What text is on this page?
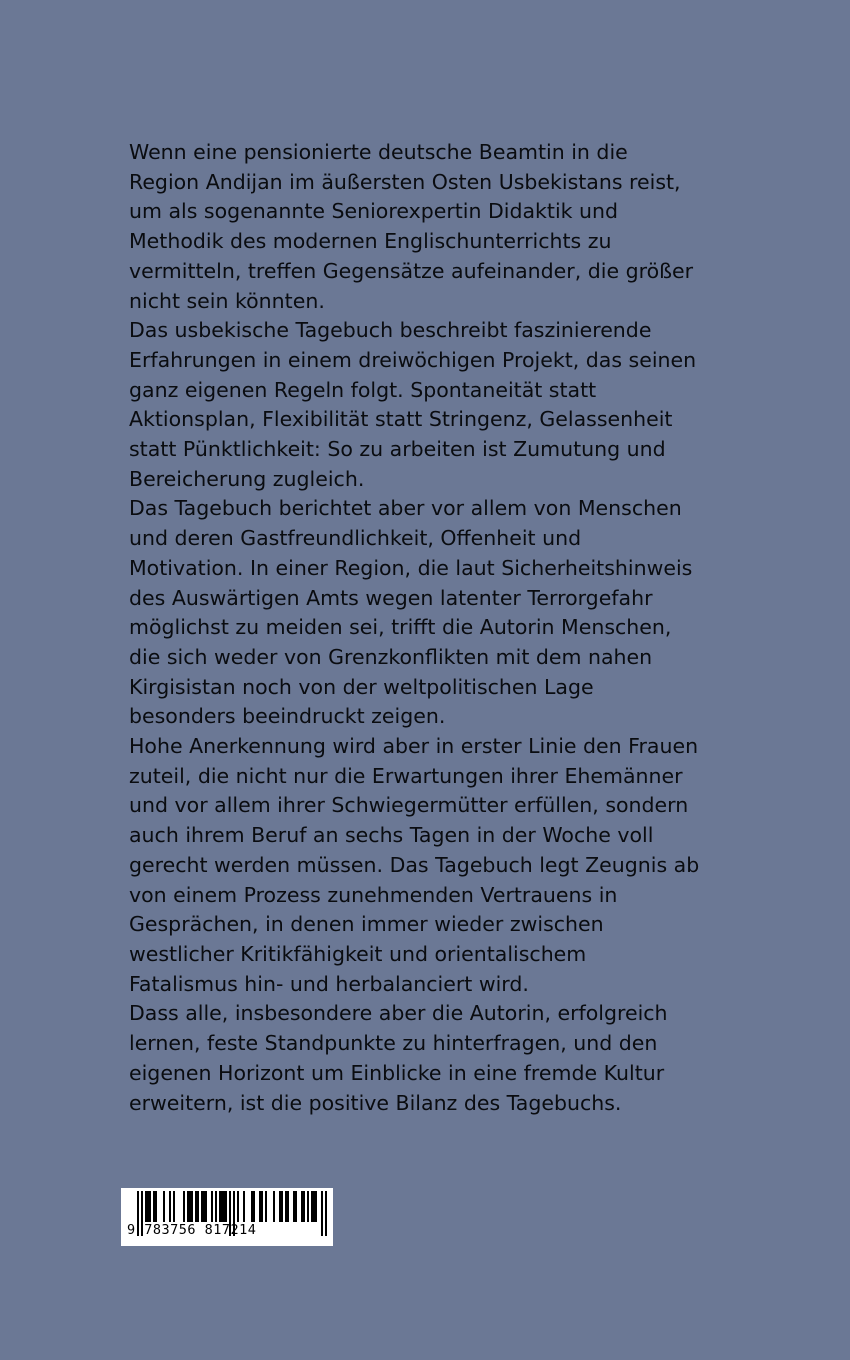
Wenn eine pensionierte deutsche Beamtin in die
Region Andijan im äußersten Osten Usbekistans reist,
um als sogenannte Seniorexpertin Didaktik und
Methodik des modernen Englischunterrichts zu
vermitteln, treffen Gegensätze aufeinander, die größer
nicht sein könnten.
Das usbekische Tagebuch beschreibt faszinierende
Erfahrungen in einem dreiwöchigen Projekt, das seinen
ganz eigenen Regeln folgt. Spontaneität statt
Aktionsplan, Flexibilität statt Stringenz, Gelassenheit
statt Pünktlichkeit: So zu arbeiten ist Zumutung und
Bereicherung zugleich.
Das Tagebuch berichtet aber vor allem von Menschen
und deren Gastfreundlichkeit, Offenheit und
Motivation. In einer Region, die laut Sicherheitshinweis
des Auswärtigen Amts wegen latenter Terrorgefahr
möglichst zu meiden sei, trifft die Autorin Menschen,
die sich weder von Grenzkonflikten mit dem nahen
Kirgisistan noch von der weltpolitischen Lage
besonders beeindruckt zeigen.
Hohe Anerkennung wird aber in erster Linie den Frauen
zuteil, die nicht nur die Erwartungen ihrer Ehemänner
und vor allem ihrer Schwiegermütter erfüllen, sondern
auch ihrem Beruf an sechs Tagen in der Woche voll
gerecht werden müssen. Das Tagebuch legt Zeugnis ab
von einem Prozess zunehmenden Vertrauens in
Gesprächen, in denen immer wieder zwischen
westlicher Kritikfähigkeit und orientalischem
Fatalismus hin- und herbalanciert wird.
Dass alle, insbesondere aber die Autorin, erfolgreich
lernen, feste Standpunkte zu hinterfragen, und den
eigenen Horizont um Einblicke in eine fremde Kultur
erweitern, ist die positive Bilanz des Tagebuchs.
9 783756 817214
